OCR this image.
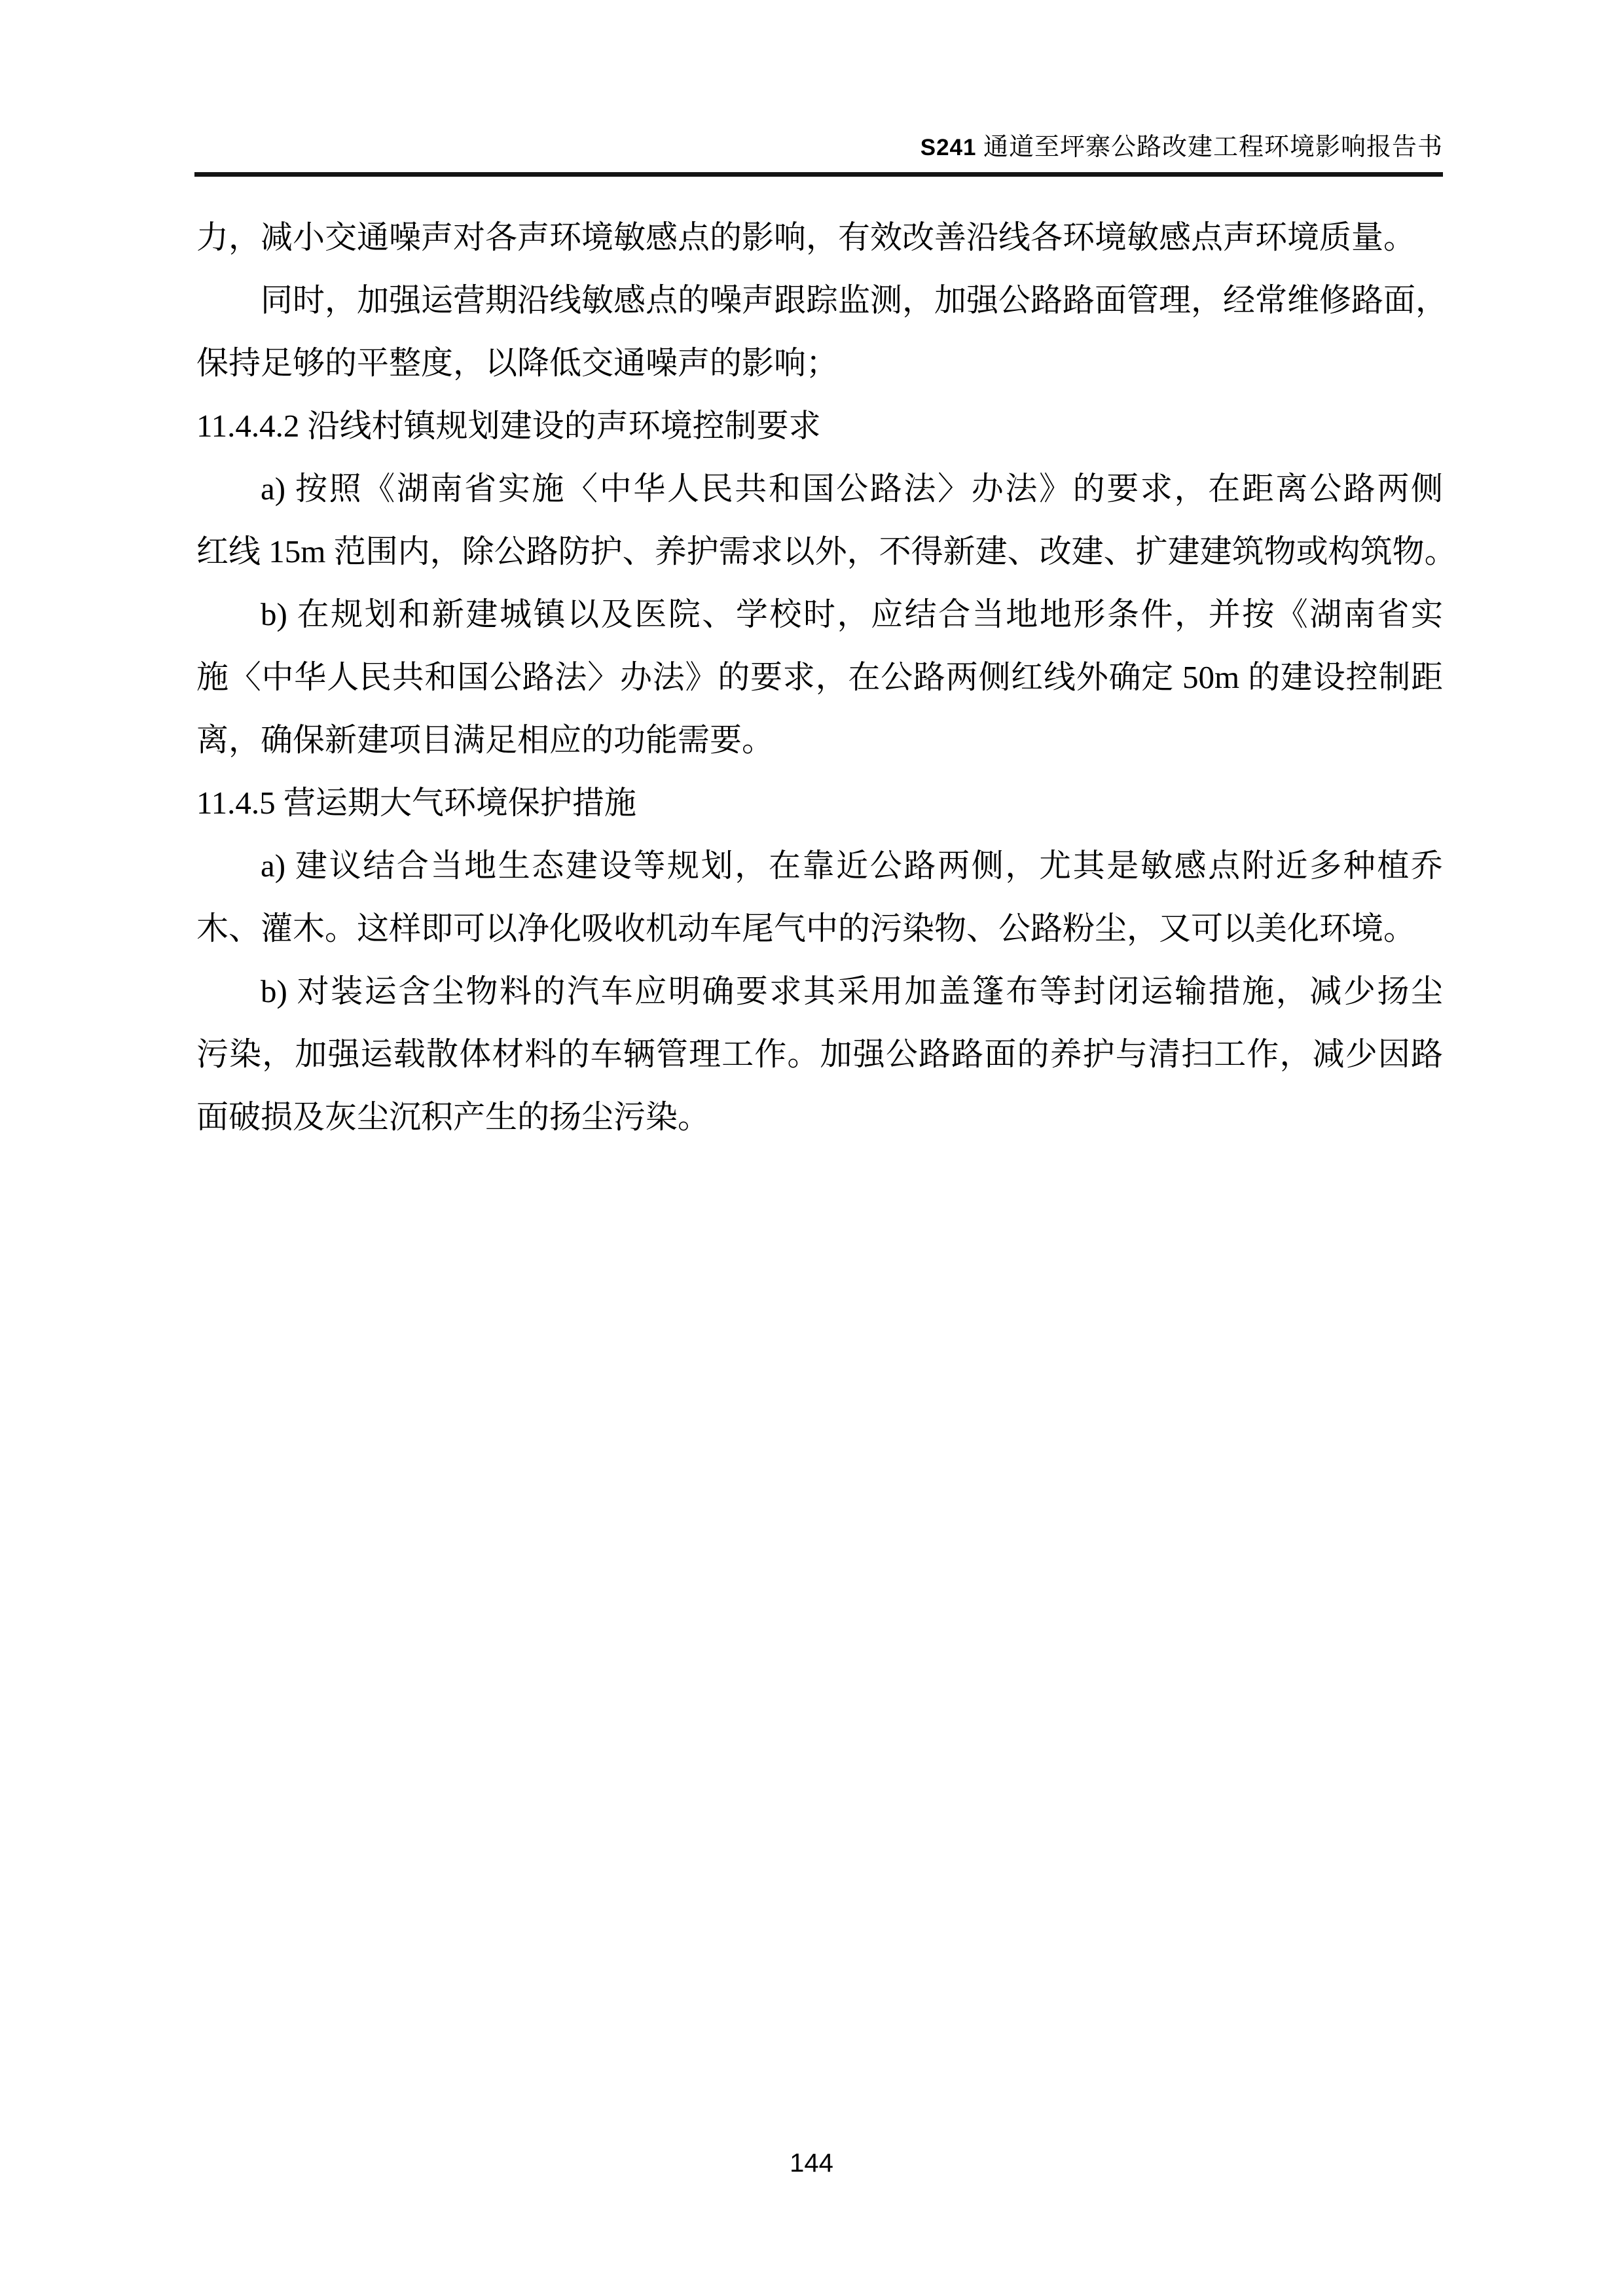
S241 通道至坪寨公路改建工程环境影响报告书
力，减小交通噪声对各声环境敏感点的影响，有效改善沿线各环境敏感点声环境质量。
同时，加强运营期沿线敏感点的噪声跟踪监测，加强公路路面管理，经常维修路面，
保持足够的平整度，以降低交通噪声的影响；
11.4.4.2 沿线村镇规划建设的声环境控制要求
a) 按照《湖南省实施〈中华人民共和国公路法〉办法》的要求，在距离公路两侧
红线 15m 范围内，除公路防护、养护需求以外，不得新建、改建、扩建建筑物或构筑物。
b) 在规划和新建城镇以及医院、学校时，应结合当地地形条件，并按《湖南省实
施〈中华人民共和国公路法〉办法》的要求，在公路两侧红线外确定 50m 的建设控制距
离，确保新建项目满足相应的功能需要。
11.4.5 营运期大气环境保护措施
a) 建议结合当地生态建设等规划，在靠近公路两侧，尤其是敏感点附近多种植乔
木、灌木。这样即可以净化吸收机动车尾气中的污染物、公路粉尘，又可以美化环境。
b) 对装运含尘物料的汽车应明确要求其采用加盖篷布等封闭运输措施，减少扬尘
污染，加强运载散体材料的车辆管理工作。加强公路路面的养护与清扫工作，减少因路
面破损及灰尘沉积产生的扬尘污染。
144
